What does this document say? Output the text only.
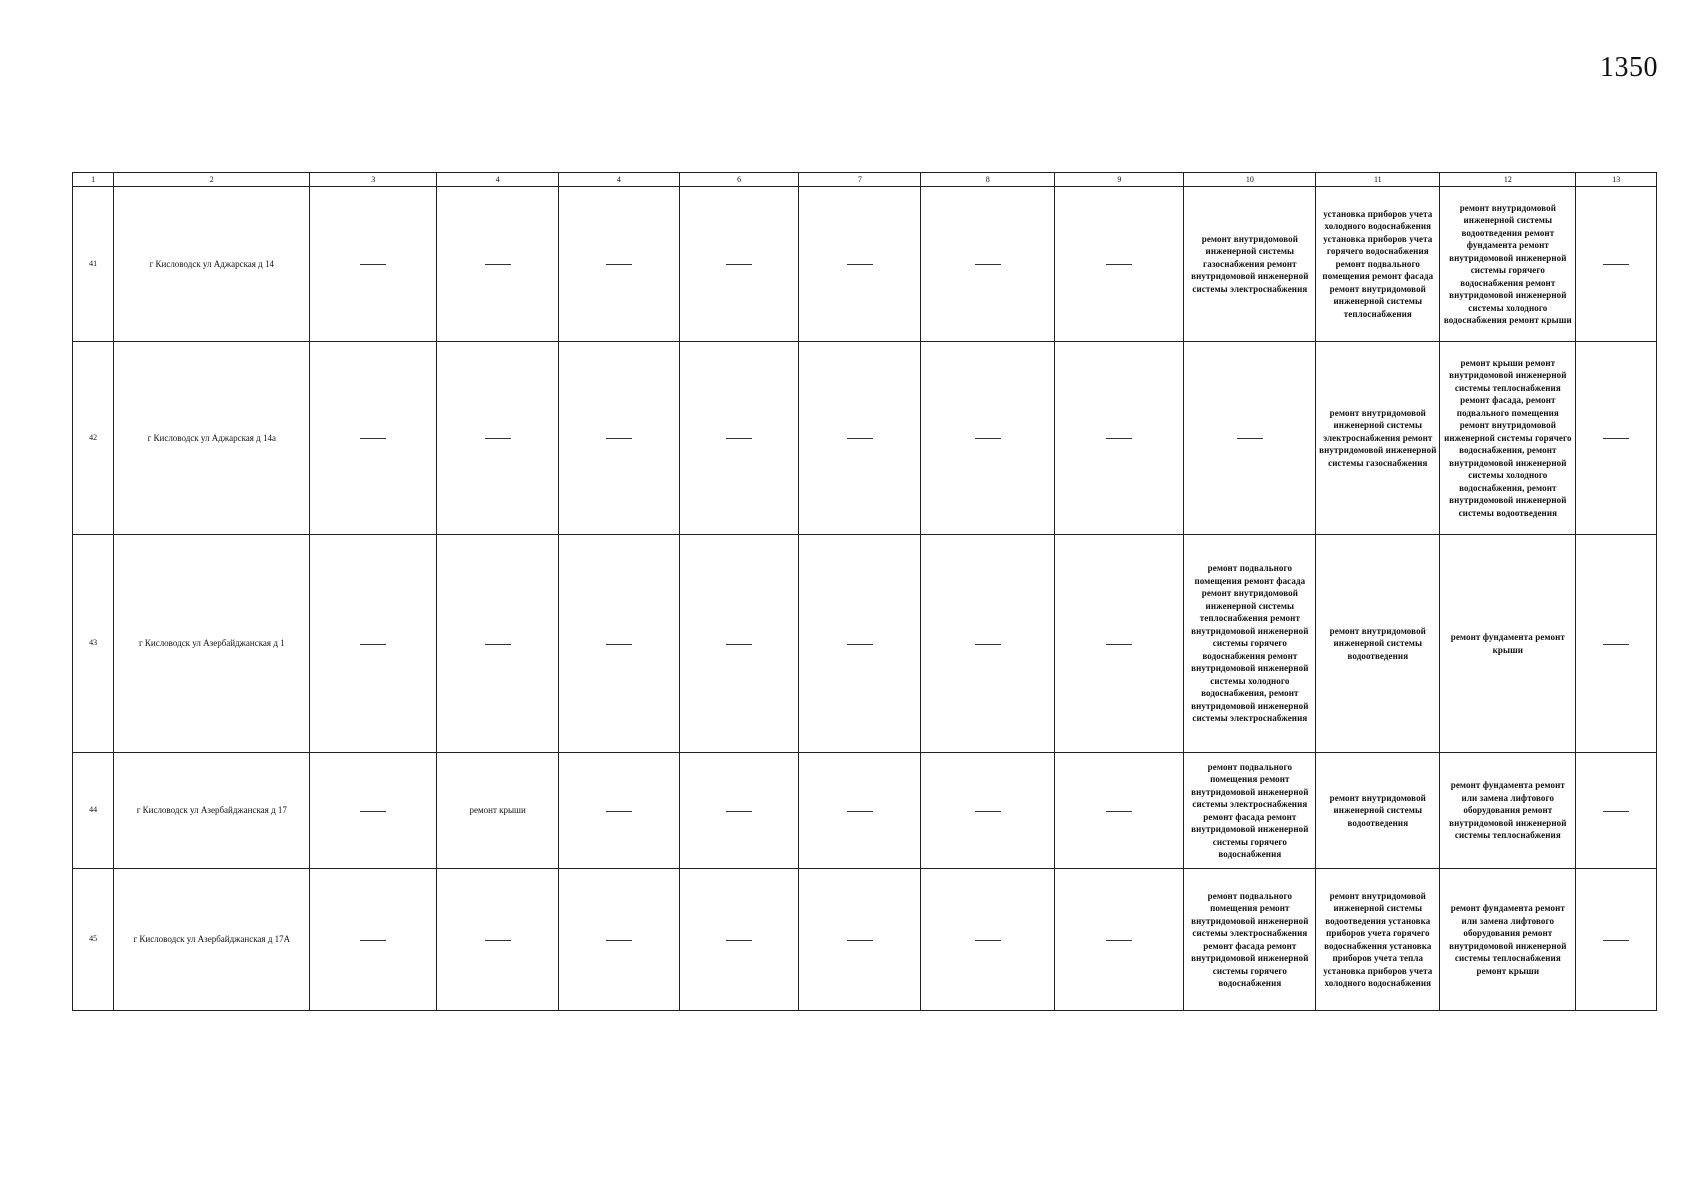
1350
1	2	3	4	4	6	7	8	9	10	11	12	13
41	г Кисловодск ул Аджарская д 14								ремонт внутридомовой инженерной системы газоснабжения ремонт внутридомовой инженерной системы электроснабжения	установка приборов учета холодного водоснабжения установка приборов учета горячего водоснабжения ремонт подвального помещения ремонт фасада ремонт внутридомовой инженерной системы теплоснабжения	ремонт внутридомовой инженерной системы водоотведения ремонт фундамента ремонт внутридомовой инженерной системы горячего водоснабжения ремонт внутридомовой инженерной системы холодного водоснабжения ремонт крыши	
42	г Кисловодск ул Аджарская д 14а									ремонт внутридомовой инженерной системы электроснабжения ремонт внутридомовой инженерной системы газоснабжения	ремонт крыши ремонт внутридомовой инженерной системы теплоснабжения ремонт фасада, ремонт подвального помещения ремонт внутридомовой инженерной системы горячего водоснабжения, ремонт внутридомовой инженерной системы холодного водоснабжения, ремонт внутридомовой инженерной системы водоотведения	
43	г Кисловодск ул Азербайджанская д 1								ремонт подвального помещения ремонт фасада ремонт внутридомовой инженерной системы теплоснабжения ремонт внутридомовой инженерной системы горячего водоснабжения ремонт внутридомовой инженерной системы холодного водоснабжения, ремонт внутридомовой инженерной системы электроснабжения	ремонт внутридомовой инженерной системы водоотведения	ремонт фундамента ремонт крыши	
44	г Кисловодск ул Азербайджанская д 17		ремонт крыши						ремонт подвального помещения ремонт внутридомовой инженерной системы электроснабжения ремонт фасада ремонт внутридомовой инженерной системы горячего водоснабжения	ремонт внутридомовой инженерной системы водоотведения	ремонт фундамента ремонт или замена лифтового оборудования ремонт внутридомовой инженерной системы теплоснабжения	
45	г Кисловодск ул Азербайджанская д 17А								ремонт подвального помещения ремонт внутридомовой инженерной системы электроснабжения ремонт фасада ремонт внутридомовой инженерной системы горячего водоснабжения	ремонт внутридомовой инженерной системы водоотведения установка приборов учета горячего водоснабжения установка приборов учета тепла установка приборов учета холодного водоснабжения	ремонт фундамента ремонт или замена лифтового оборудования ремонт внутридомовой инженерной системы теплоснабжения ремонт крыши	
